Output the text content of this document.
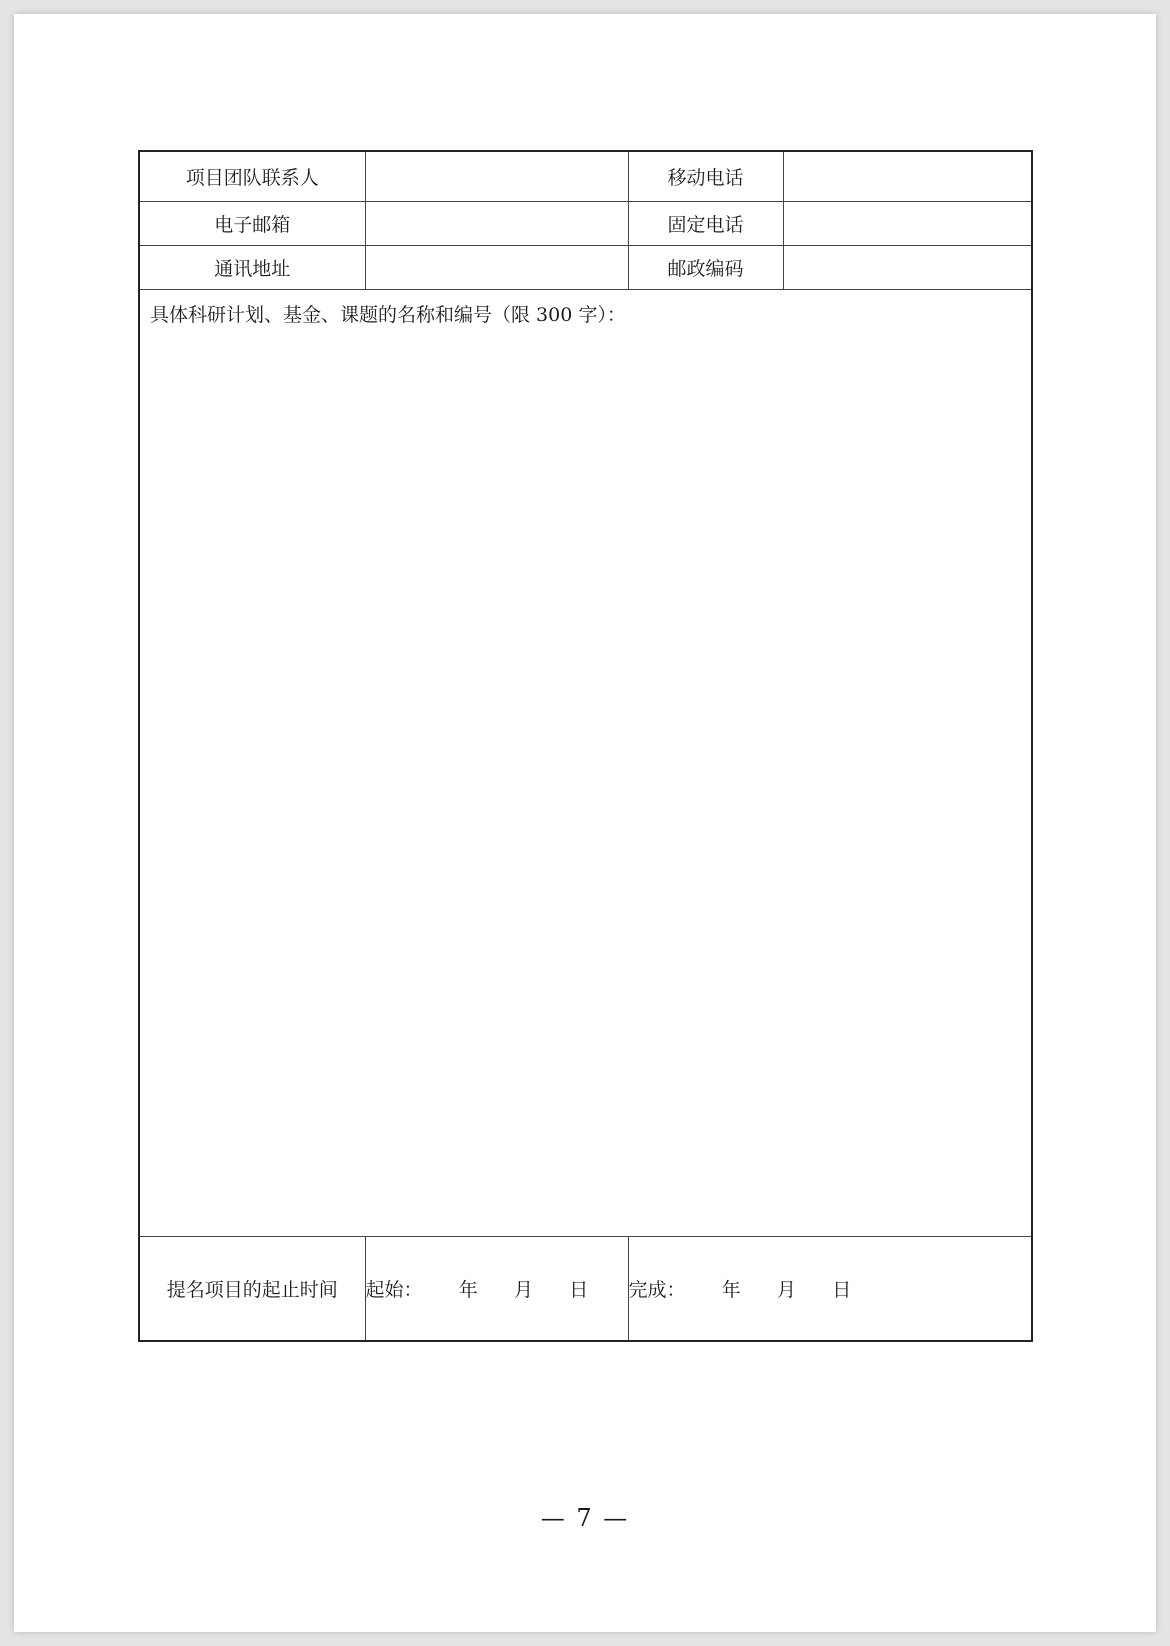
项目团队联系人		移动电话	
电子邮箱		固定电话	
通讯地址		邮政编码	

具体科研计划、基金、课题的名称和编号（限 300 字）：			

提名项目的起止时间	起始：      年      月      日	完成：      年      月      日	
— 7 —
